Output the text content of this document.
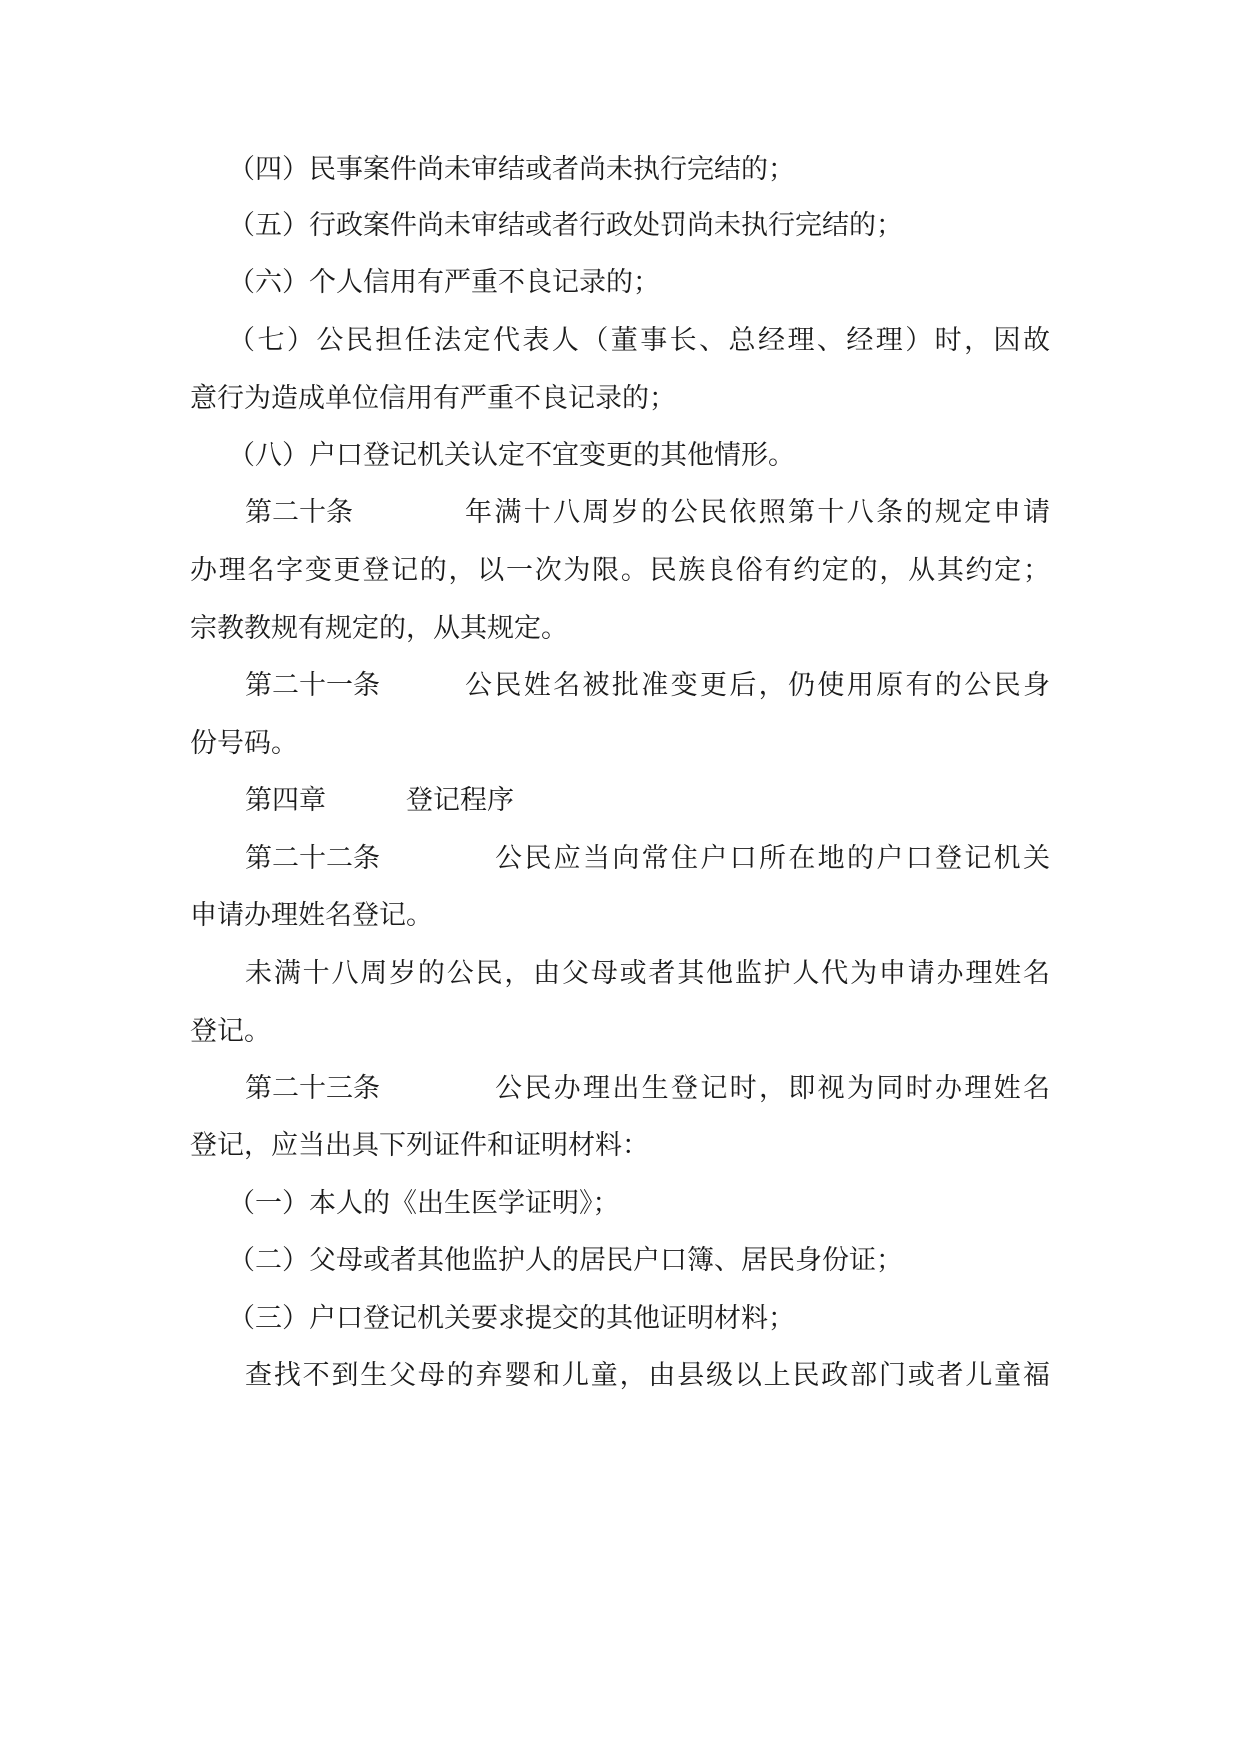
（四）民事案件尚未审结或者尚未执行完结的；
（五）行政案件尚未审结或者行政处罚尚未执行完结的；
（六）个人信用有严重不良记录的；
（七）公民担任法定代表人（董事长、总经理、经理）时，因故
意行为造成单位信用有严重不良记录的；
（八）户口登记机关认定不宜变更的其他情形。
第二十条	年满十八周岁的公民依照第十八条的规定申请
办理名字变更登记的，以一次为限。民族良俗有约定的，从其约定；
宗教教规有规定的，从其规定。
第二十一条	公民姓名被批准变更后，仍使用原有的公民身
份号码。
第四章	登记程序
第二十二条	公民应当向常住户口所在地的户口登记机关
申请办理姓名登记。
未满十八周岁的公民，由父母或者其他监护人代为申请办理姓名
登记。
第二十三条	公民办理出生登记时，即视为同时办理姓名
登记，应当出具下列证件和证明材料：
（一）本人的《出生医学证明》；
（二）父母或者其他监护人的居民户口簿、居民身份证；
（三）户口登记机关要求提交的其他证明材料；
查找不到生父母的弃婴和儿童，由县级以上民政部门或者儿童福
